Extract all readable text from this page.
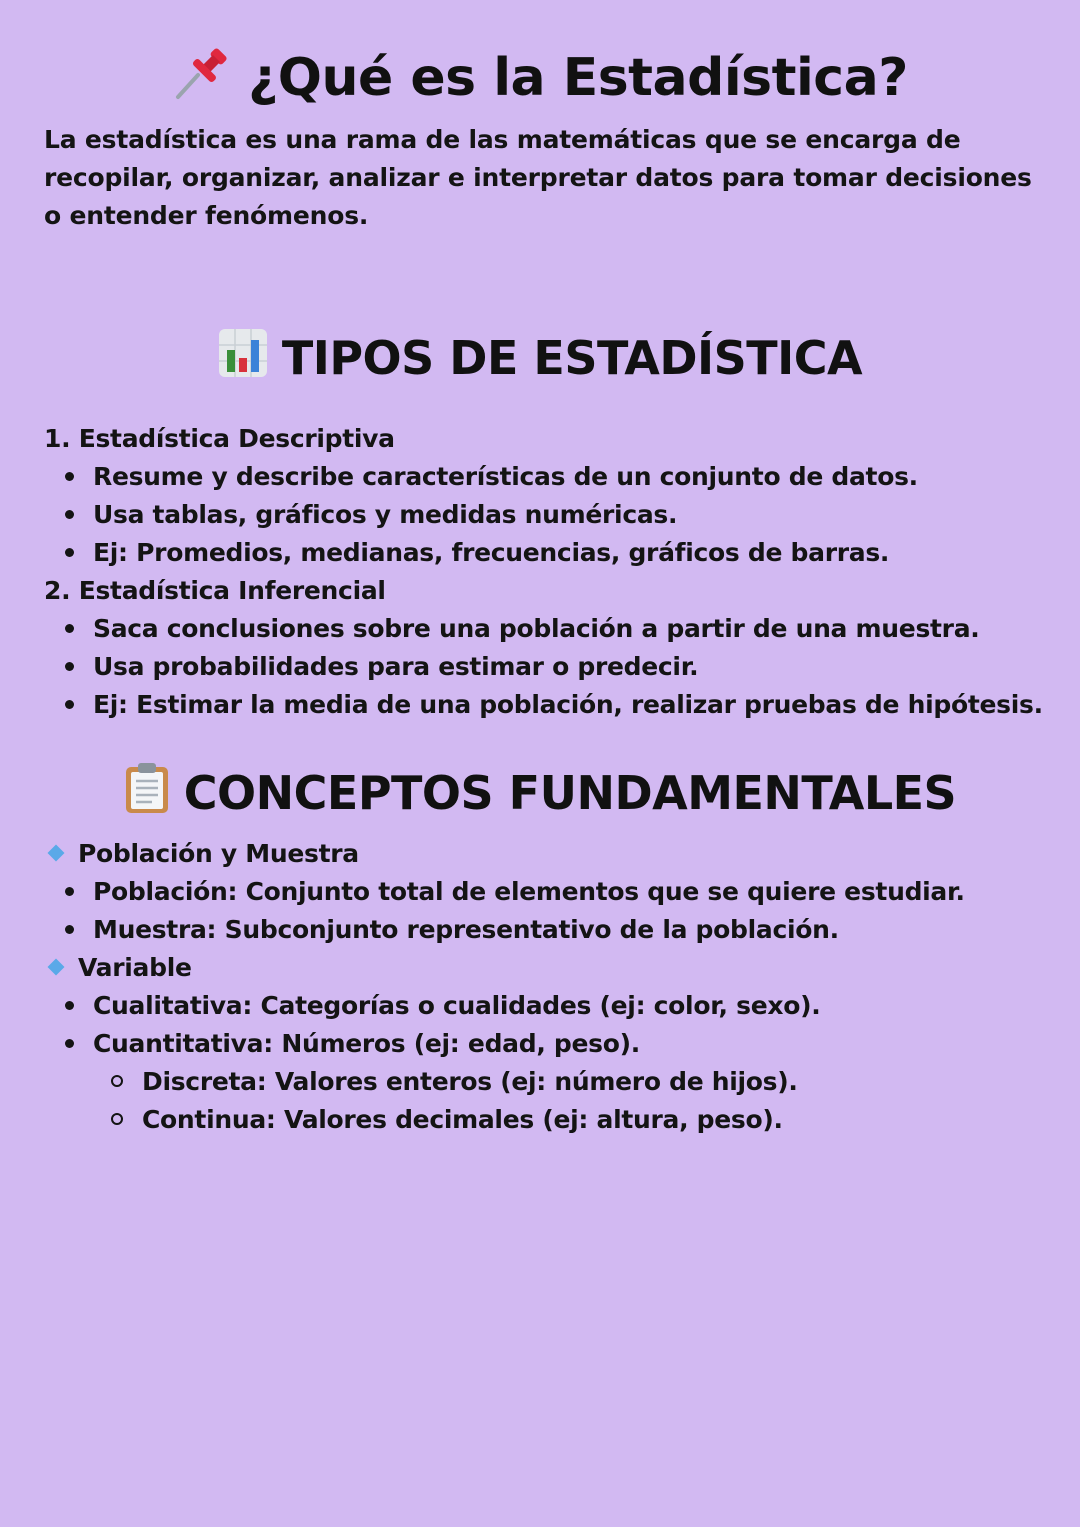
¿Qué es la Estadística?
La estadística es una rama de las matemáticas que se encarga de recopilar, organizar, analizar e interpretar datos para tomar decisiones o entender fenómenos.
TIPOS DE ESTADÍSTICA
1. Estadística Descriptiva
Resume y describe características de un conjunto de datos.
Usa tablas, gráficos y medidas numéricas.
Ej: Promedios, medianas, frecuencias, gráficos de barras.
2. Estadística Inferencial
Saca conclusiones sobre una población a partir de una muestra.
Usa probabilidades para estimar o predecir.
Ej: Estimar la media de una población, realizar pruebas de hipótesis.
CONCEPTOS FUNDAMENTALES
Población y Muestra
Población: Conjunto total de elementos que se quiere estudiar.
Muestra: Subconjunto representativo de la población.
Variable
Cualitativa: Categorías o cualidades (ej: color, sexo).
Cuantitativa: Números (ej: edad, peso).
Discreta: Valores enteros (ej: número de hijos).
Continua: Valores decimales (ej: altura, peso).
